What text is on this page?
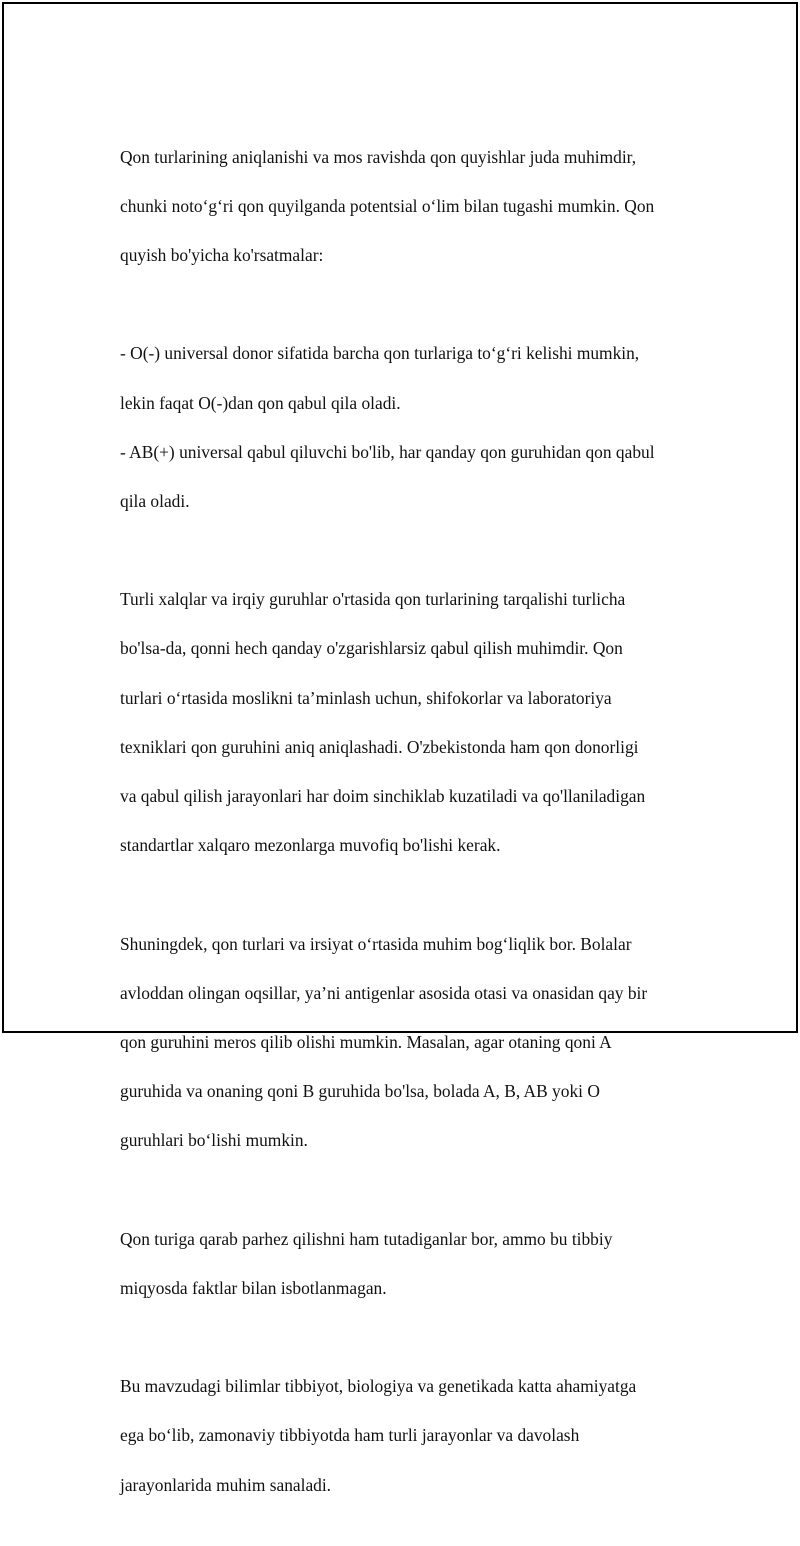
Qon turlarining aniqlanishi va mos ravishda qon quyishlar juda muhimdir,

chunki noto‘g‘ri qon quyilganda potentsial o‘lim bilan tugashi mumkin. Qon

quyish bo'yicha ko'rsatmalar:

- O(-) universal donor sifatida barcha qon turlariga to‘g‘ri kelishi mumkin,

lekin faqat O(-)dan qon qabul qila oladi.

- AB(+) universal qabul qiluvchi bo'lib, har qanday qon guruhidan qon qabul

qila oladi.

Turli xalqlar va irqiy guruhlar o'rtasida qon turlarining tarqalishi turlicha

bo'lsa-da, qonni hech qanday o'zgarishlarsiz qabul qilish muhimdir. Qon

turlari o‘rtasida moslikni ta’minlash uchun, shifokorlar va laboratoriya

texniklari qon guruhini aniq aniqlashadi. O'zbekistonda ham qon donorligi

va qabul qilish jarayonlari har doim sinchiklab kuzatiladi va qo'llaniladigan

standartlar xalqaro mezonlarga muvofiq bo'lishi kerak.

Shuningdek, qon turlari va irsiyat o‘rtasida muhim bog‘liqlik bor. Bolalar

avloddan olingan oqsillar, ya’ni antigenlar asosida otasi va onasidan qay bir

qon guruhini meros qilib olishi mumkin. Masalan, agar otaning qoni A

guruhida va onaning qoni B guruhida bo'lsa, bolada A, B, AB yoki O

guruhlari bo‘lishi mumkin.

Qon turiga qarab parhez qilishni ham tutadiganlar bor, ammo bu tibbiy

miqyosda faktlar bilan isbotlanmagan.

Bu mavzudagi bilimlar tibbiyot, biologiya va genetikada katta ahamiyatga

ega bo‘lib, zamonaviy tibbiyotda ham turli jarayonlar va davolash

jarayonlarida muhim sanaladi.
